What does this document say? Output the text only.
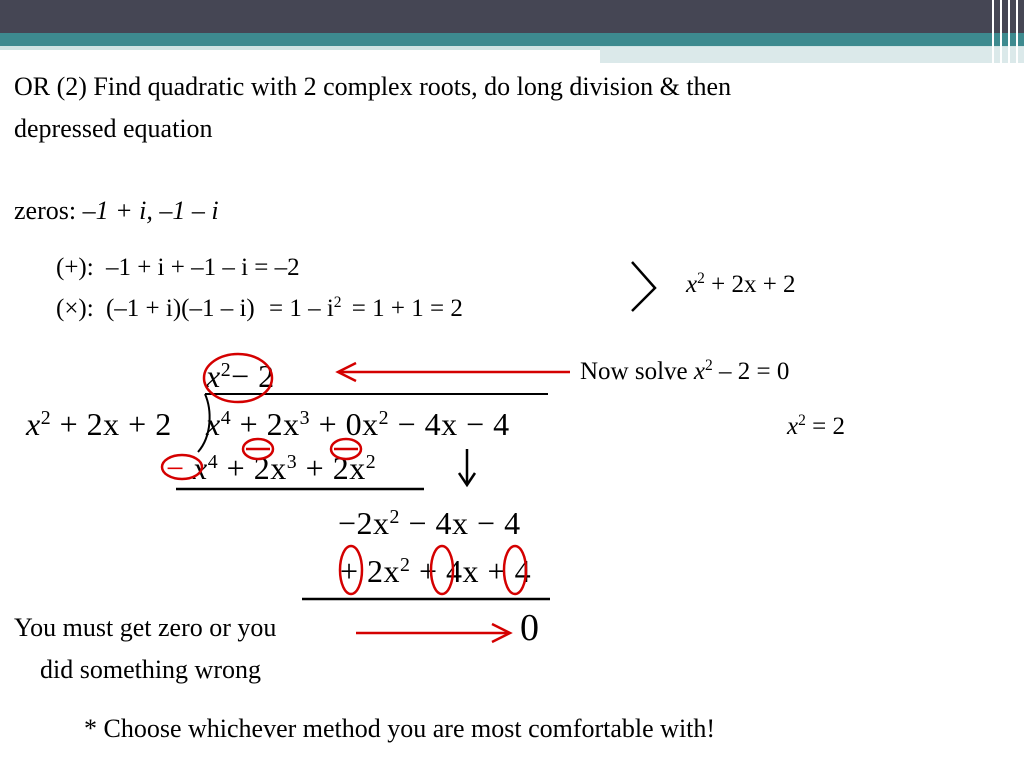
OR (2) Find quadratic with 2 complex roots, do long division & then
depressed equation
zeros: –1 + i, –1 – i
(+): –1 + i + –1 – i = –2
(×): $(-1 + i)(-1 - i) = 1 - i^2 = 1 + 1 = 2$
$x^2 + 2x + 2$
Now solve $x^2 - 2 = 0$
$x^2 = 2$
$x^2- 2$
$x^2 + 2x + 2$ $x^4 + 2x^3 + 0x^2 - 4x - 4$
− $x^4 + 2x^3 + 2x^2$
$-2x^2 - 4x - 4$
+ $2x^2 + 4x + 4$
0
You must get zero or you
did something wrong
* Choose whichever method you are most comfortable with!
